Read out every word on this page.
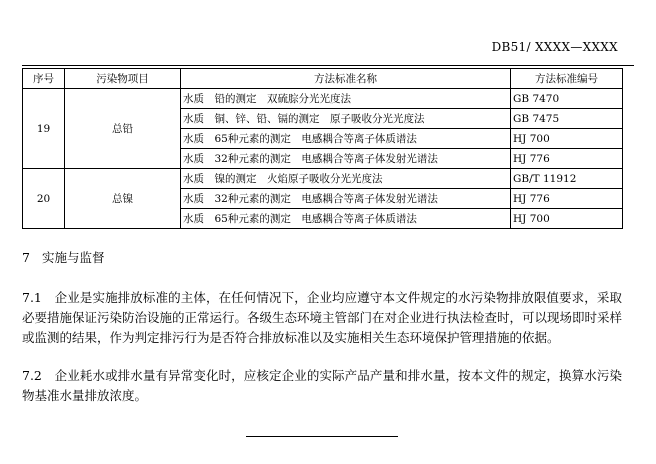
DB51/ XXXX—XXXX
序号	污染物项目	方法标准名称	方法标准编号
19	总铅	水质　铅的测定　双硫腙分光光度法	GB 7470
		水质　铜、锌、铅、镉的测定　原子吸收分光光度法	GB 7475
		水质　65种元素的测定　电感耦合等离子体质谱法	HJ 700
		水质　32种元素的测定　电感耦合等离子体发射光谱法	HJ 776
20	总镍	水质　镍的测定　火焰原子吸收分光光度法	GB/T 11912
		水质　32种元素的测定　电感耦合等离子体发射光谱法	HJ 776
		水质　65种元素的测定　电感耦合等离子体质谱法	HJ 700
7 实施与监督

7.1　 企业是实施排放标准的主体，在任何情况下，企业均应遵守本文件规定的水污染物排放限值要求，采取必要措施保证污染防治设施的正常运行。各级生态环境主管部门在对企业进行执法检查时，可以现场即时采样或监测的结果，作为判定排污行为是否符合排放标准以及实施相关生态环境保护管理措施的依据。

7.2　 企业耗水或排水量有异常变化时，应核定企业的实际产品产量和排水量，按本文件的规定，换算水污染物基准水量排放浓度。
